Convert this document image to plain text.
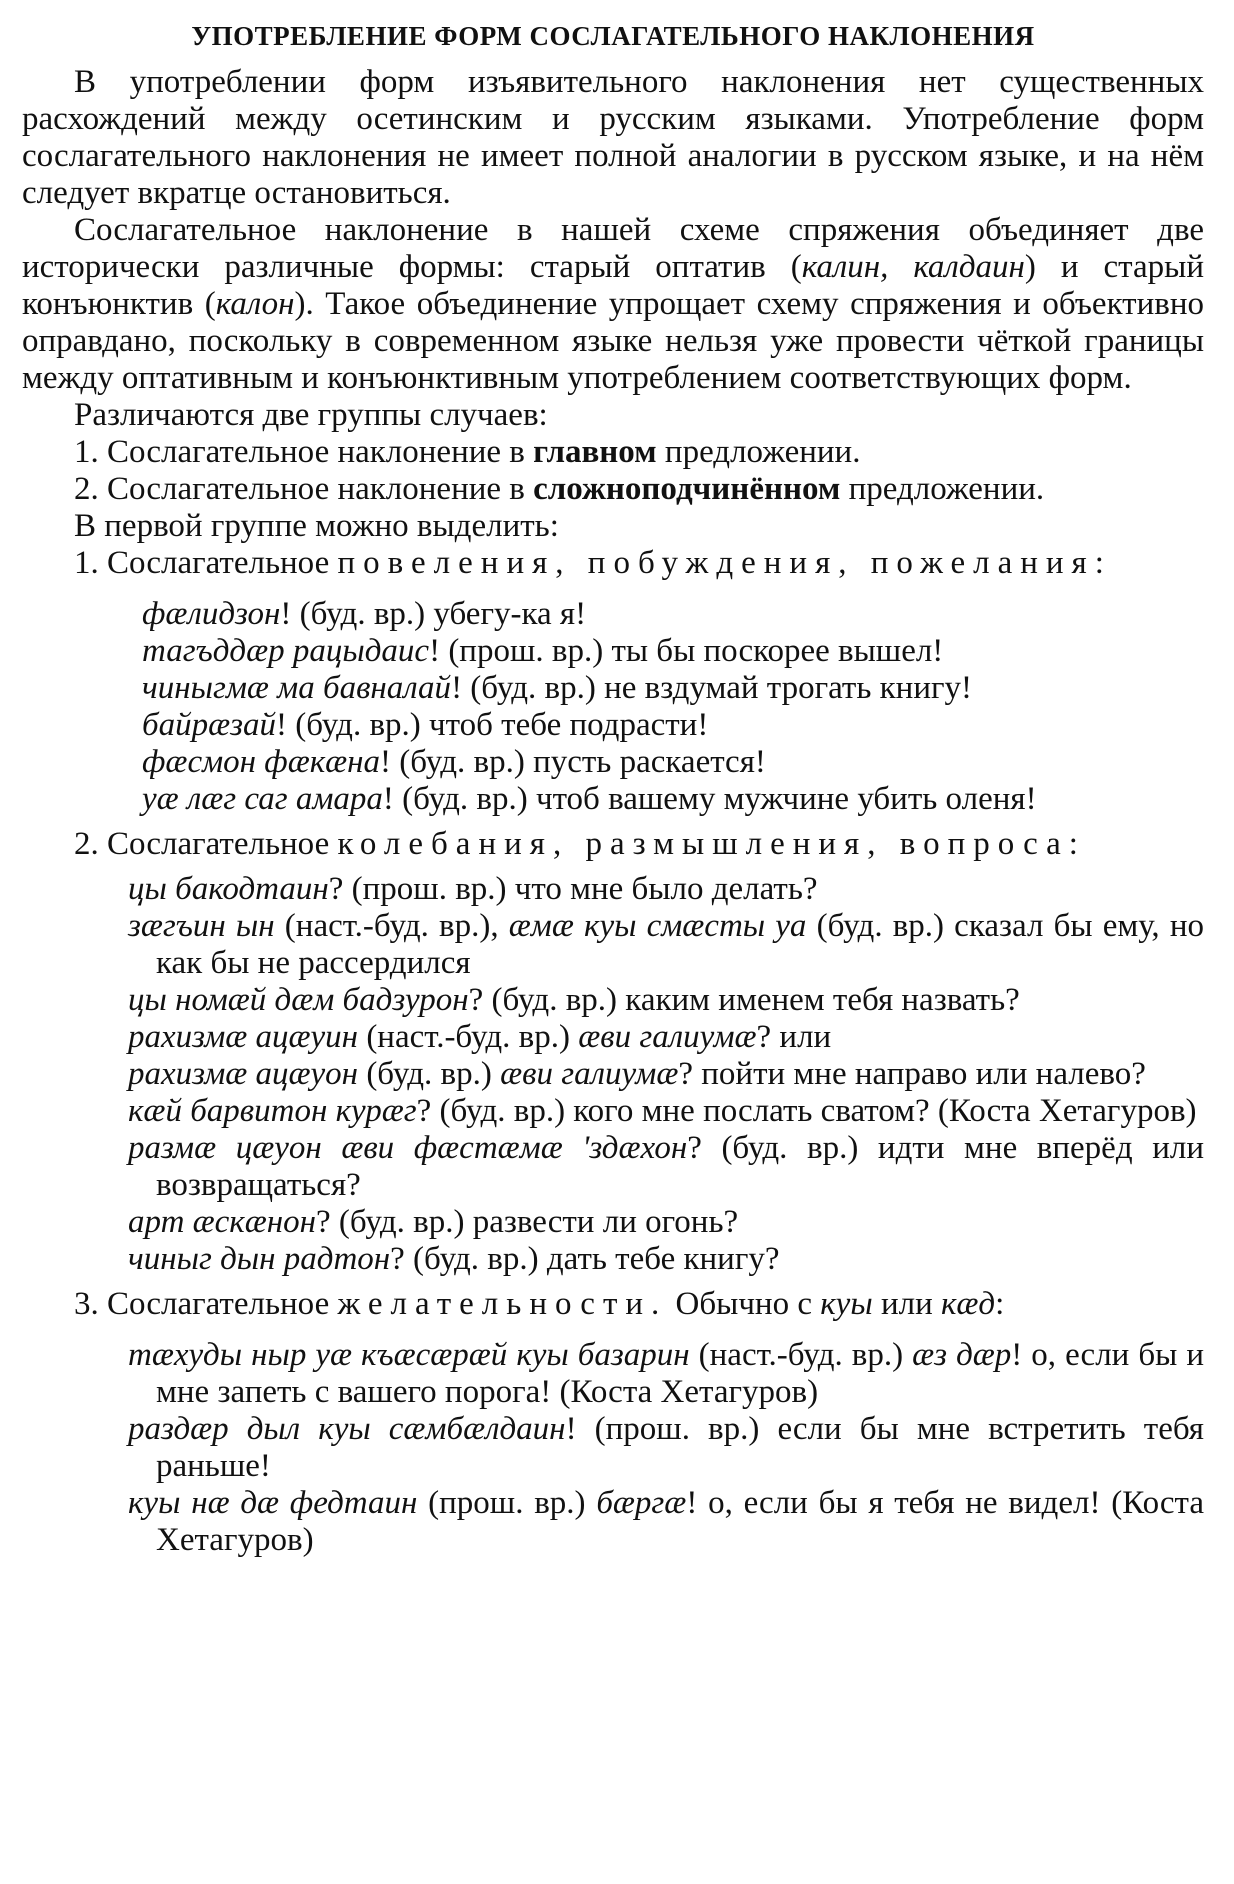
УПОТРЕБЛЕНИЕ ФОРМ СОСЛАГАТЕЛЬНОГО НАКЛОНЕНИЯ

В употреблении форм изъявительного наклонения нет существенных расхождений между осетинским и русским языками. Употребление форм сослагательного наклонения не имеет полной аналогии в русском языке, и на нём следует вкратце остановиться.

Сослагательное наклонение в нашей схеме спряжения объединяет две исторически различные формы: старый оптатив (калин, калдаин) и старый конъюнктив (калон). Такое объединение упрощает схему спряжения и объективно оправдано, поскольку в современном языке нельзя уже провести чёткой границы между оптативным и конъюнктивным употреблением соответствующих форм.

Различаются две группы случаев:

1. Сослагательное наклонение в главном предложении.

2. Сослагательное наклонение в сложноподчинённом предложении.

В первой группе можно выделить:

1. Сослагательное повеления, побуждения, пожелания:

фæлидзон! (буд. вр.) убегу-ка я!

тагъддæр рацыдаис! (прош. вр.) ты бы поскорее вышел!

чиныгмæ ма бавналай! (буд. вр.) не вздумай трогать книгу!

байрæзай! (буд. вр.) чтоб тебе подрасти!

фæсмон фæкæна! (буд. вр.) пусть раскается!

уæ лæг саг амара! (буд. вр.) чтоб вашему мужчине убить оленя!

2. Сослагательное колебания, размышления, вопроса:

цы бакодтаин? (прош. вр.) что мне было делать?

зæгъин ын (наст.-буд. вр.), æмæ куы смæсты уа (буд. вр.) сказал бы ему, но как бы не рассердился

цы номæй дæм бадзурон? (буд. вр.) каким именем тебя назвать?

рахизмæ ацæуин (наст.-буд. вр.) æви галиумæ? или

рахизмæ ацæуон (буд. вр.) æви галиумæ? пойти мне направо или налево?

кæй барвитон курæг? (буд. вр.) кого мне послать сватом? (Коста Хетагуров)

размæ цæуон æви фæстæмæ 'здæхон? (буд. вр.) идти мне вперёд или возвращаться?

арт æскæнон? (буд. вр.) развести ли огонь?

чиныг дын радтон? (буд. вр.) дать тебе книгу?

3. Сослагательное желательности. Обычно с куы или кæд:

тæхуды ныр уæ къæсæрæй куы базарин (наст.-буд. вр.) æз дæр! о, если бы и мне запеть с вашего порога! (Коста Хетагуров)

раздæр дыл куы сæмбæлдаин! (прош. вр.) если бы мне встретить тебя раньше!

куы нæ дæ федтаин (прош. вр.) бæргæ! о, если бы я тебя не видел! (Коста Хетагуров)
